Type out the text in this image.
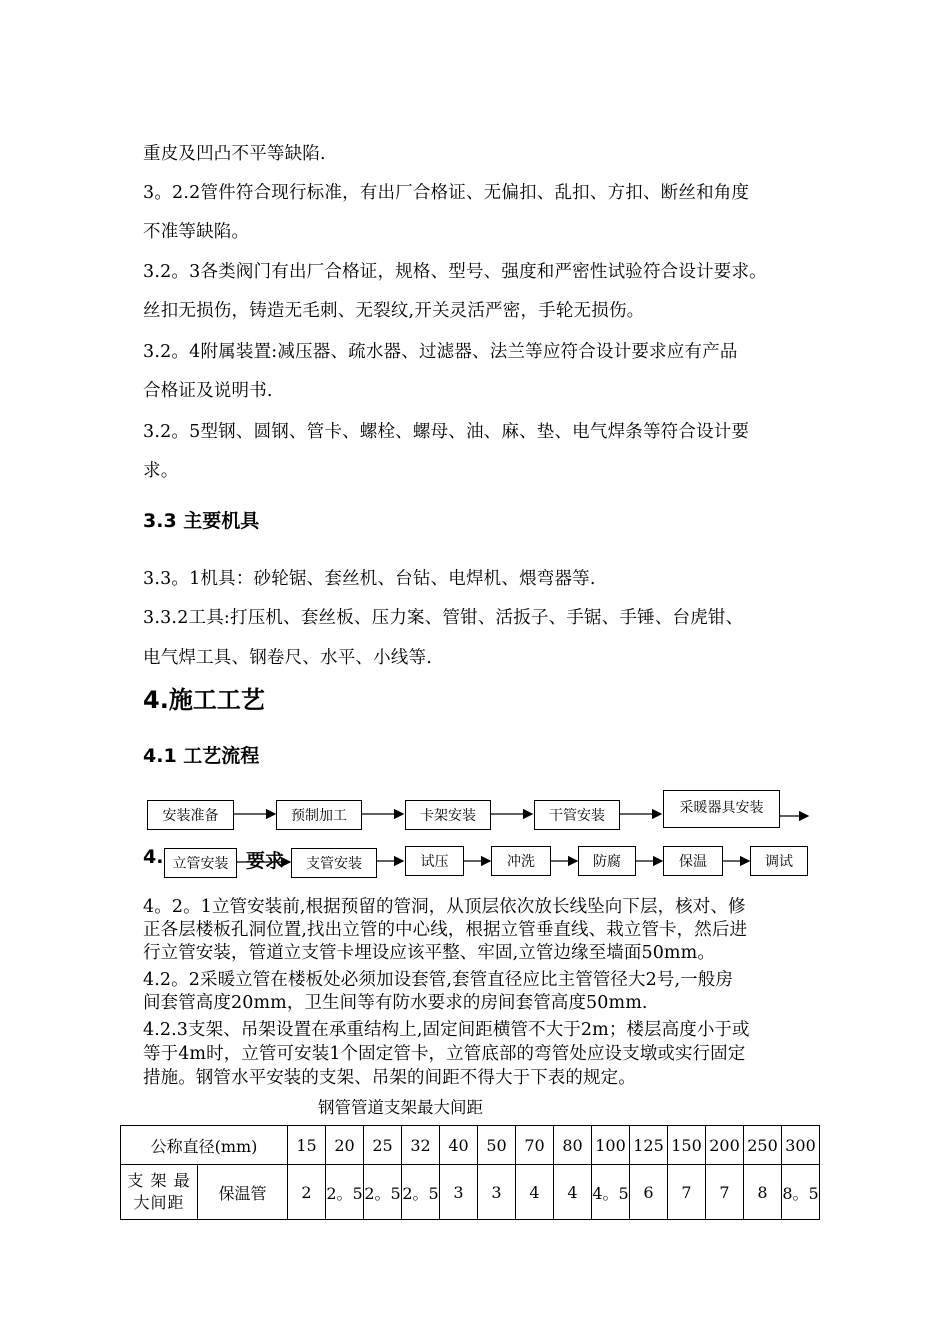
重皮及凹凸不平等缺陷.
3。2.2管件符合现行标准，有出厂合格证、无偏扣、乱扣、方扣、断丝和角度
不准等缺陷。
3.2。3各类阀门有出厂合格证，规格、型号、强度和严密性试验符合设计要求。
丝扣无损伤，铸造无毛刺、无裂纹,开关灵活严密，手轮无损伤。
3.2。4附属装置:减压器、疏水器、过滤器、法兰等应符合设计要求应有产品
合格证及说明书.
3.2。5型钢、圆钢、管卡、螺栓、螺母、油、麻、垫、电气焊条等符合设计要
求。
3.3 主要机具
3.3。1机具：砂轮锯、套丝机、台钻、电焊机、煨弯器等.
3.3.2工具:打压机、套丝板、压力案、管钳、活扳子、手锯、手锤、台虎钳、
电气焊工具、钢卷尺、水平、小线等.
4.施工工艺
4.1 工艺流程
4.	要求
安装准备	预制加工	卡架安装	干管安装	采暖器具安装
立管安装	支管安装	试压	冲洗	防腐	保温	调试
4。2。1立管安装前,根据预留的管洞，从顶层依次放长线坠向下层，核对、修
正各层楼板孔洞位置,找出立管的中心线，根据立管垂直线、栽立管卡，然后进
行立管安装，管道立支管卡埋设应该平整、牢固,立管边缘至墙面50mm。
4.2。2采暖立管在楼板处必须加设套管,套管直径应比主管管径大2号,一般房
间套管高度20mm，卫生间等有防水要求的房间套管高度50mm.
4.2.3支架、吊架设置在承重结构上,固定间距横管不大于2m；楼层高度小于或
等于4m时，立管可安装1个固定管卡，立管底部的弯管处应设支墩或实行固定
措施。钢管水平安装的支架、吊架的间距不得大于下表的规定。
钢管管道支架最大间距
公称直径(mm)		15	20	25	32	40	50	70	80	100	125	150	200	250	300

支 架 最
大间距	保温管	2	2。5	2。5	2。5	3	3	4	4	4。5	6	7	7	8	8。5
